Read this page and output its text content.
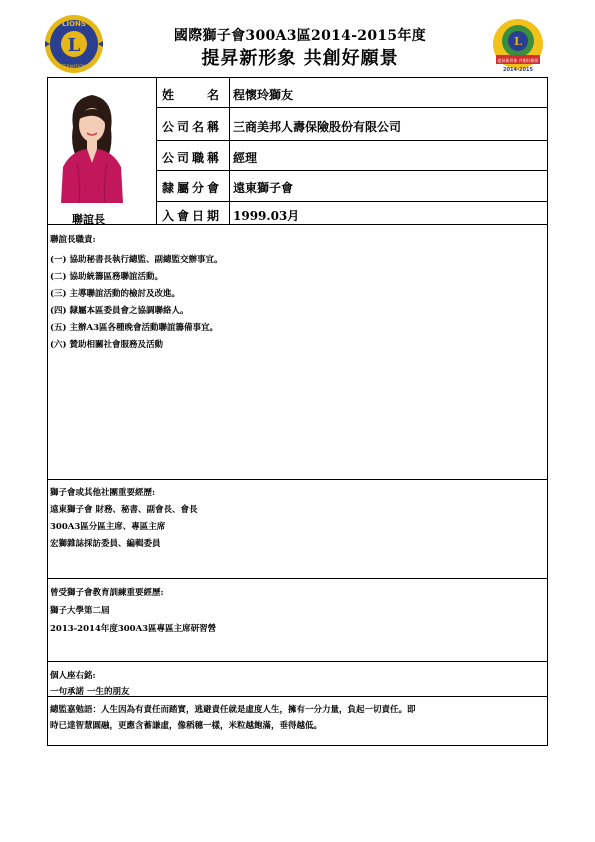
L
LIONS
INTERNATIONAL
國際獅子會300A3區2014-2015年度
提昇新形象 共創好願景
L
提昇新形象 共創好願景
2014-2015
聯誼長
姓　　名 程懷玲獅友
公司名稱 三商美邦人壽保險股份有限公司
公司職稱 經理
隸屬分會 遠東獅子會
入會日期 1999.03月
聯誼長職責:
(一) 協助秘書長執行總監、副總監交辦事宜。
(二) 協助統籌區務聯誼活動。
(三) 主導聯誼活動的檢討及改進。
(四) 隸屬本區委員會之協調聯絡人。
(五) 主辦A3區各種晚會活動聯誼籌備事宜。
(六) 贊助相關社會服務及活動
獅子會或其他社團重要經歷:
遠東獅子會 財務、秘書、副會長、會長
300A3區分區主席、專區主席
宏獅雜誌採訪委員、編輯委員
曾受獅子會教育訓練重要經歷:
獅子大學第二屆
2013-2014年度300A3區專區主席研習營
個人座右銘:
一句承諾 一生的朋友
總監嘉勉語：人生因為有責任而踏實，逃避責任就是虛度人生，擁有一分力量，負起一切責任。即
時已達智慧圓融，更應含蓄謙虛，像稻穗一樣，米粒越飽滿，垂得越低。
